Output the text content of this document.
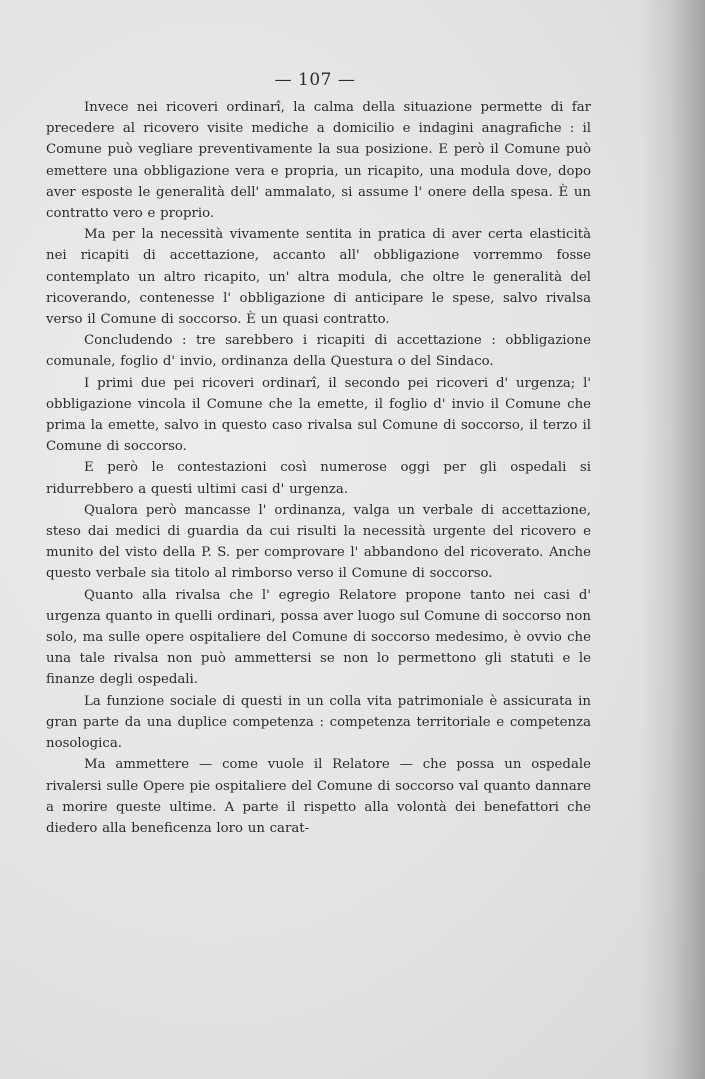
— 107 —

Invece nei ricoveri ordinarî, la calma della situazione permette di far precedere al ricovero visite mediche a domicilio e indagini anagrafiche : il Comune può vegliare preventivamente la sua posizione. E però il Comune può emettere una obbligazione vera e propria, un ricapito, una modula dove, dopo aver esposte le generalità dell' ammalato, si assume l' onere della spesa. È un contratto vero e proprio.

Ma per la necessità vivamente sentita in pratica di aver certa elasticità nei ricapiti di accettazione, accanto all' obbligazione vorremmo fosse contemplato un altro ricapito, un' altra modula, che oltre le generalità del ricoverando, contenesse l' obbligazione di anticipare le spese, salvo rivalsa verso il Comune di soccorso. È un quasi contratto.

Concludendo : tre sarebbero i ricapiti di accettazione : obbligazione comunale, foglio d' invio, ordinanza della Questura o del Sindaco.

I primi due pei ricoveri ordinarî, il secondo pei ricoveri d' urgenza; l' obbligazione vincola il Comune che la emette, il foglio d' invio il Comune che prima la emette, salvo in questo caso rivalsa sul Comune di soccorso, il terzo il Comune di soccorso.

E però le contestazioni così numerose oggi per gli ospedali si ridurrebbero a questi ultimi casi d' urgenza.

Qualora però mancasse l' ordinanza, valga un verbale di accettazione, steso dai medici di guardia da cui risulti la necessità urgente del ricovero e munito del visto della P. S. per comprovare l' abbandono del ricoverato. Anche questo verbale sia titolo al rimborso verso il Comune di soccorso.

Quanto alla rivalsa che l' egregio Relatore propone tanto nei casi d' urgenza quanto in quelli ordinari, possa aver luogo sul Comune di soccorso non solo, ma sulle opere ospitaliere del Comune di soccorso medesimo, è ovvio che una tale rivalsa non può ammettersi se non lo permettono gli statuti e le finanze degli ospedali.

La funzione sociale di questi in un colla vita patrimoniale è assicurata in gran parte da una duplice competenza : competenza territoriale e competenza nosologica.

Ma ammettere — come vuole il Relatore — che possa un ospedale rivalersi sulle Opere pie ospitaliere del Comune di soccorso val quanto dannare a morire queste ultime. A parte il rispetto alla volontà dei benefattori che diedero alla beneficenza loro un carat-
